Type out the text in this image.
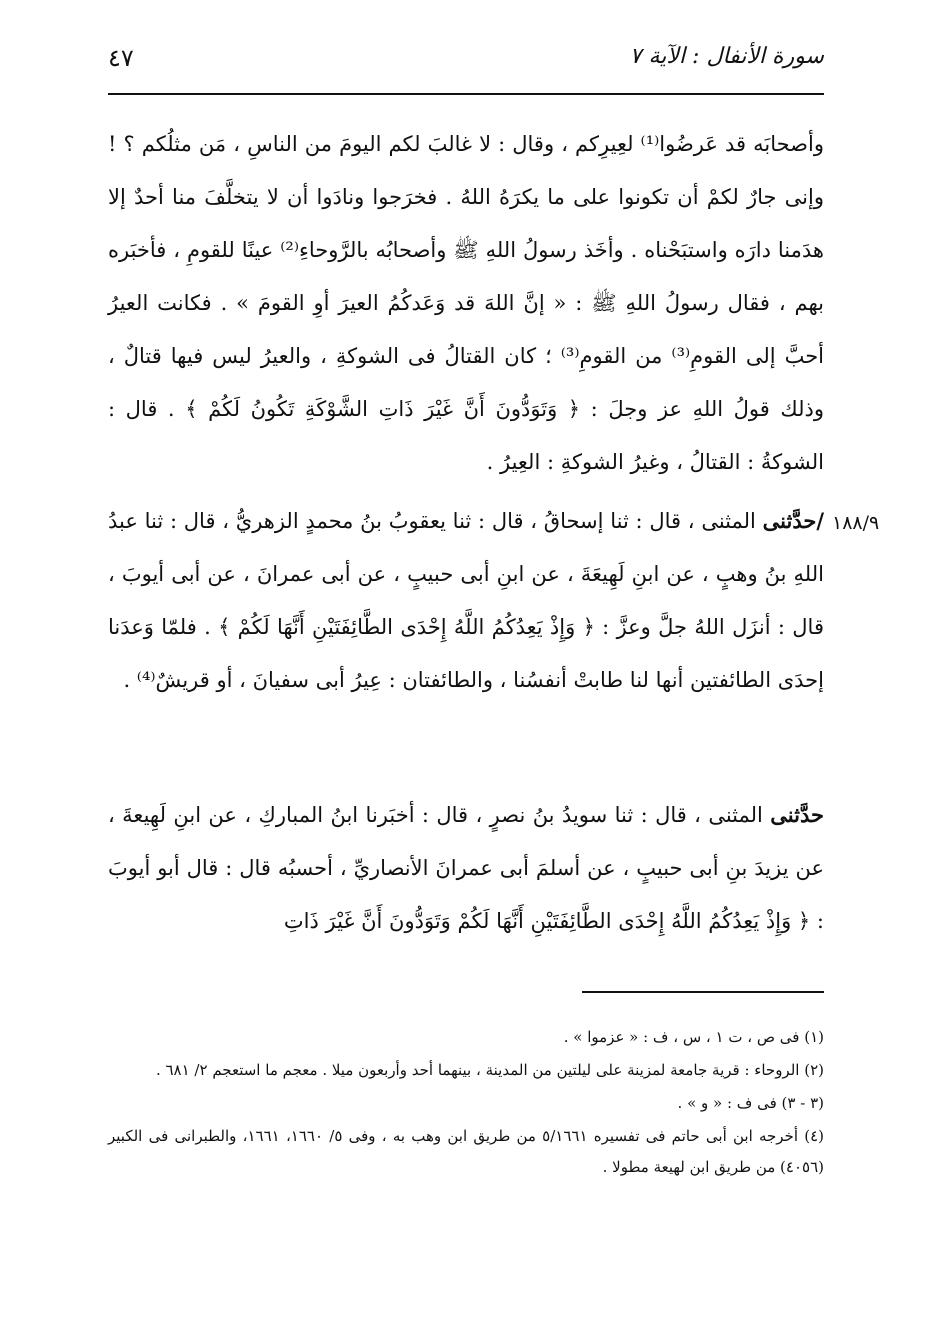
سورة الأنفال : الآية ٧
٤٧
وأصحابَه قد عَرضُوا⁽¹⁾ لعِيرِكم ، وقال : لا غالبَ لكم اليومَ من الناسِ ، مَن مثلُكم ؟ ! وإنى جارٌ لكمْ أن تكونوا على ما يكرَهُ اللهُ . فخرَجوا ونادَوا أن لا يتخلَّفَ منا أحدٌ إلا هدَمنا دارَه واستبَحْناه . وأخَذ رسولُ اللهِ ﷺ وأصحابُه بالرَّوحاءِ⁽²⁾ عينًا للقومِ ، فأخبَره بهم ، فقال رسولُ اللهِ ﷺ : « إنَّ اللهَ قد وَعَدكُمُ العيرَ أوِ القومَ » . فكانت العيرُ أحبَّ إلى القومِ⁽³⁾ من القومِ⁽³⁾ ؛ كان القتالُ فى الشوكةِ ، والعيرُ ليس فيها قتالٌ ، وذلك قولُ اللهِ عز وجلَ : ﴿ وَتَوَدُّونَ أَنَّ غَيْرَ ذَاتِ الشَّوْكَةِ تَكُونُ لَكُمْ ﴾ . قال : الشوكةُ : القتالُ ، وغيرُ الشوكةِ : العِيرُ .
١٨٨/٩
/حدَّثنى المثنى ، قال : ثنا إسحاقُ ، قال : ثنا يعقوبُ بنُ محمدٍ الزهريُّ ، قال : ثنا عبدُ اللهِ بنُ وهبٍ ، عن ابنِ لَهِيعَةَ ، عن ابنِ أبى حبيبٍ ، عن أبى عمرانَ ، عن أبى أيوبَ ، قال : أنزَل اللهُ جلَّ وعزَّ : ﴿ وَإِذْ يَعِدُكُمُ اللَّهُ إِحْدَى الطَّائِفَتَيْنِ أَنَّهَا لَكُمْ ﴾ . فلمّا وَعدَنا إحدَى الطائفتين أنها لنا طابتْ أنفسُنا ، والطائفتان : عِيرُ أبى سفيانَ ، أو قريشٌ⁽⁴⁾ .
حدَّثنى المثنى ، قال : ثنا سويدُ بنُ نصرٍ ، قال : أخبَرنا ابنُ المباركِ ، عن ابنِ لَهِيعةَ ، عن يزيدَ بنِ أبى حبيبٍ ، عن أسلمَ أبى عمرانَ الأنصاريِّ ، أحسبُه قال : قال أبو أيوبَ : ﴿ وَإِذْ يَعِدُكُمُ اللَّهُ إِحْدَى الطَّائِفَتَيْنِ أَنَّهَا لَكُمْ وَتَوَدُّونَ أَنَّ غَيْرَ ذَاتِ

(١) فى ص ، ت ١ ، س ، ف : « عزموا » .

(٢) الروحاء : قرية جامعة لمزينة على ليلتين من المدينة ، بينهما أحد وأربعون ميلا . معجم ما استعجم ٢/ ٦٨١ .

(٣ - ٣) فى ف : « و » .

(٤) أخرجه ابن أبى حاتم فى تفسيره ٥/١٦٦١ من طريق ابن وهب به ، وفى ٥/ ١٦٦٠، ١٦٦١، والطبرانى فى الكبير (٤٠٥٦) من طريق ابن لهيعة مطولا .
